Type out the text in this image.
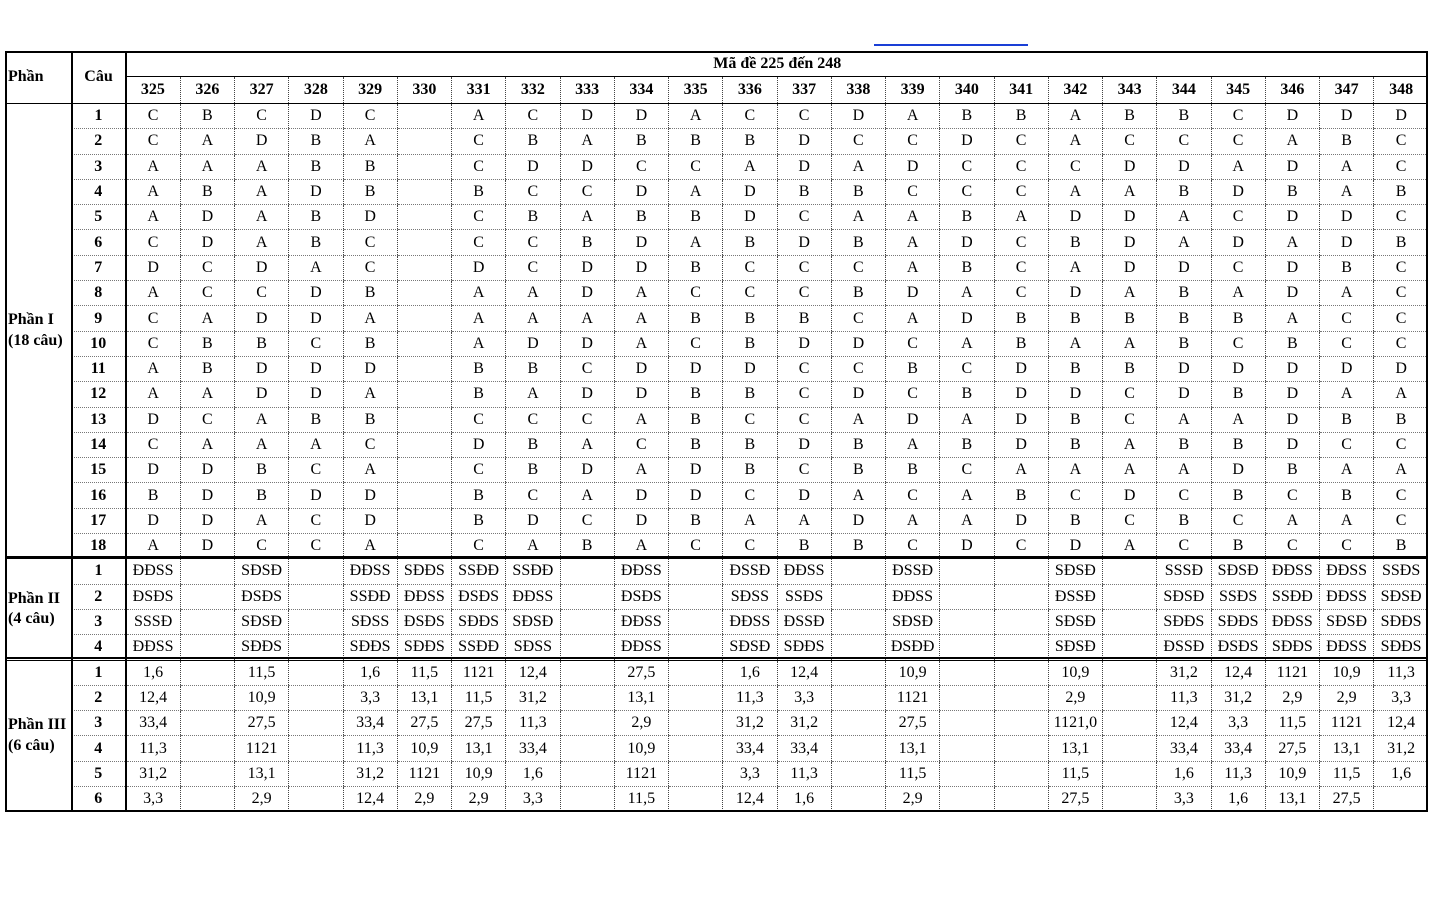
Phần	Câu	Mã đề 225 đến 248																							
		325	326	327	328	329	330	331	332	333	334	335	336	337	338	339	340	341	342	343	344	345	346	347	348
Phần I
(18 câu)	1	C	B	C	D	C		A	C	D	D	A	C	C	D	A	B	B	A	B	B	C	D	D	D
	2	C	A	D	B	A		C	B	A	B	B	B	D	C	C	D	C	A	C	C	C	A	B	C
	3	A	A	A	B	B		C	D	D	C	C	A	D	A	D	C	C	C	D	D	A	D	A	C
	4	A	B	A	D	B		B	C	C	D	A	D	B	B	C	C	C	A	A	B	D	B	A	B
	5	A	D	A	B	D		C	B	A	B	B	D	C	A	A	B	A	D	D	A	C	D	D	C
	6	C	D	A	B	C		C	C	B	D	A	B	D	B	A	D	C	B	D	A	D	A	D	B
	7	D	C	D	A	C		D	C	D	D	B	C	C	C	A	B	C	A	D	D	C	D	B	C
	8	A	C	C	D	B		A	A	D	A	C	C	C	B	D	A	C	D	A	B	A	D	A	C
	9	C	A	D	D	A		A	A	A	A	B	B	B	C	A	D	B	B	B	B	B	A	C	C
	10	C	B	B	C	B		A	D	D	A	C	B	D	D	C	A	B	A	A	B	C	B	C	C
	11	A	B	D	D	D		B	B	C	D	D	D	C	C	B	C	D	B	B	D	D	D	D	D
	12	A	A	D	D	A		B	A	D	D	B	B	C	D	C	B	D	D	C	D	B	D	A	A
	13	D	C	A	B	B		C	C	C	A	B	C	C	A	D	A	D	B	C	A	A	D	B	B
	14	C	A	A	A	C		D	B	A	C	B	B	D	B	A	B	D	B	A	B	B	D	C	C
	15	D	D	B	C	A		C	B	D	A	D	B	C	B	B	C	A	A	A	A	D	B	A	A
	16	B	D	B	D	D		B	C	A	D	D	C	D	A	C	A	B	C	D	C	B	C	B	C
	17	D	D	A	C	D		B	D	C	D	B	A	A	D	A	A	D	B	C	B	C	A	A	C
	18	A	D	C	C	A		C	A	B	A	C	C	B	B	C	D	C	D	A	C	B	C	C	B
Phần II
(4 câu)	1	ĐĐSS		SĐSĐ		ĐĐSS	SĐĐS	SSĐĐ	SSĐĐ		ĐĐSS		ĐSSĐ	ĐĐSS		ĐSSĐ			SĐSĐ		SSSĐ	SĐSĐ	ĐĐSS	ĐĐSS	SSĐS
	2	ĐSĐS		ĐSĐS		SSĐĐ	ĐĐSS	ĐSĐS	ĐĐSS		ĐSĐS		SĐSS	SSĐS		ĐĐSS			ĐSSĐ		SĐSĐ	SSĐS	SSĐĐ	ĐĐSS	SĐSĐ
	3	SSSĐ		SĐSĐ		SĐSS	ĐSĐS	SĐĐS	SĐSĐ		ĐĐSS		ĐĐSS	ĐSSĐ		SĐSĐ			SĐSĐ		SĐĐS	SĐĐS	ĐĐSS	SĐSĐ	SĐĐS
	4	ĐĐSS		SĐĐS		SĐĐS	SĐĐS	SSĐĐ	SĐSS		ĐĐSS		SĐSĐ	SĐĐS		ĐSĐĐ			SĐSĐ		ĐSSĐ	ĐSĐS	SĐĐS	ĐĐSS	SĐĐS
Phần III
(6 câu)	1	1,6		11,5		1,6	11,5	1121	12,4		27,5		1,6	12,4		10,9			10,9		31,2	12,4	1121	10,9	11,3
	2	12,4		10,9		3,3	13,1	11,5	31,2		13,1		11,3	3,3		1121			2,9		11,3	31,2	2,9	2,9	3,3
	3	33,4		27,5		33,4	27,5	27,5	11,3		2,9		31,2	31,2		27,5			1121,0		12,4	3,3	11,5	1121	12,4
	4	11,3		1121		11,3	10,9	13,1	33,4		10,9		33,4	33,4		13,1			13,1		33,4	33,4	27,5	13,1	31,2
	5	31,2		13,1		31,2	1121	10,9	1,6		1121		3,3	11,3		11,5			11,5		1,6	11,3	10,9	11,5	1,6
	6	3,3		2,9		12,4	2,9	2,9	3,3		11,5		12,4	1,6		2,9			27,5		3,3	1,6	13,1	27,5	
